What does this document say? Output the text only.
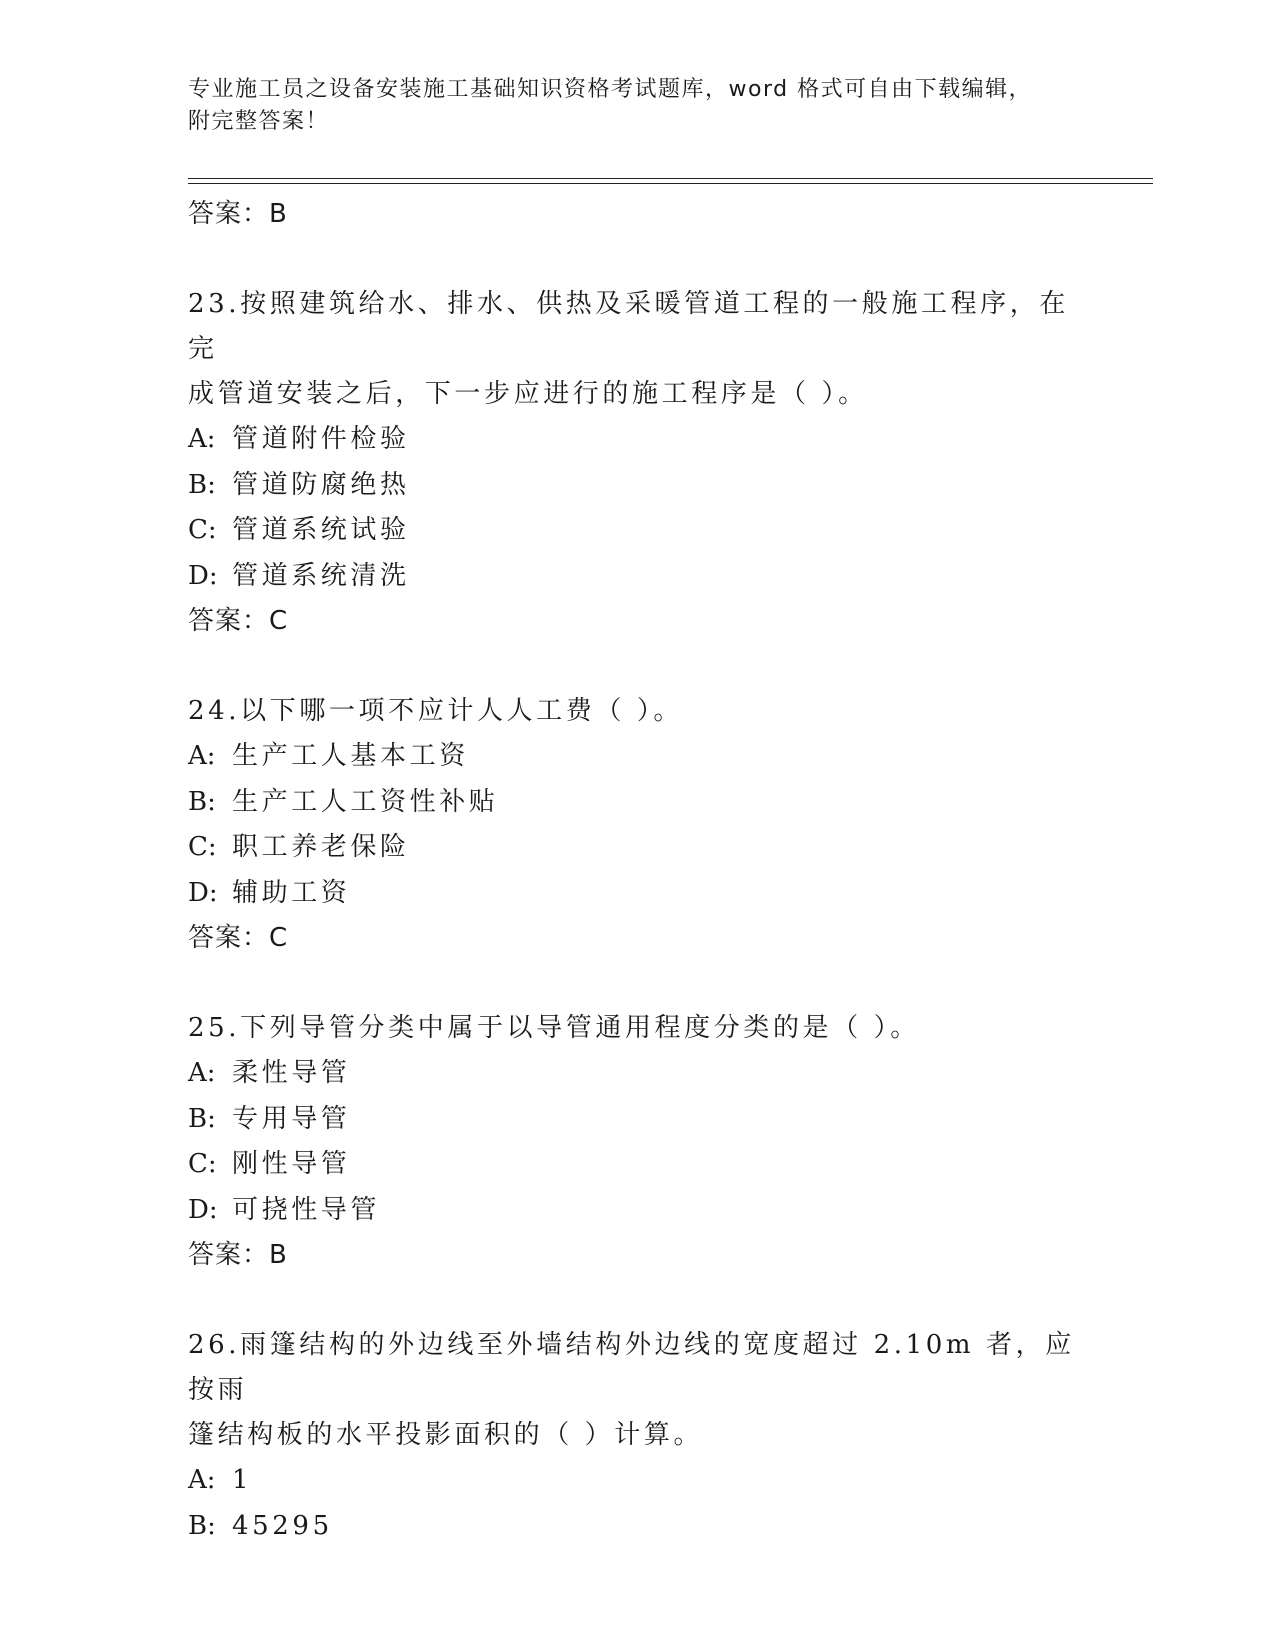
专业施工员之设备安装施工基础知识资格考试题库，word 格式可自由下载编辑，
附完整答案！
答案：B
23.按照建筑给水、排水、供热及采暖管道工程的一般施工程序，在完
成管道安装之后，下一步应进行的施工程序是（ ）。
A: 管道附件检验
B: 管道防腐绝热
C: 管道系统试验
D: 管道系统清洗
答案：C
24.以下哪一项不应计人人工费（ ）。
A: 生产工人基本工资
B: 生产工人工资性补贴
C: 职工养老保险
D: 辅助工资
答案：C
25.下列导管分类中属于以导管通用程度分类的是（ ）。
A: 柔性导管
B: 专用导管
C: 刚性导管
D: 可挠性导管
答案：B
26.雨篷结构的外边线至外墙结构外边线的宽度超过 2.10m 者，应按雨
篷结构板的水平投影面积的（ ）计算。
A: 1
B: 45295
